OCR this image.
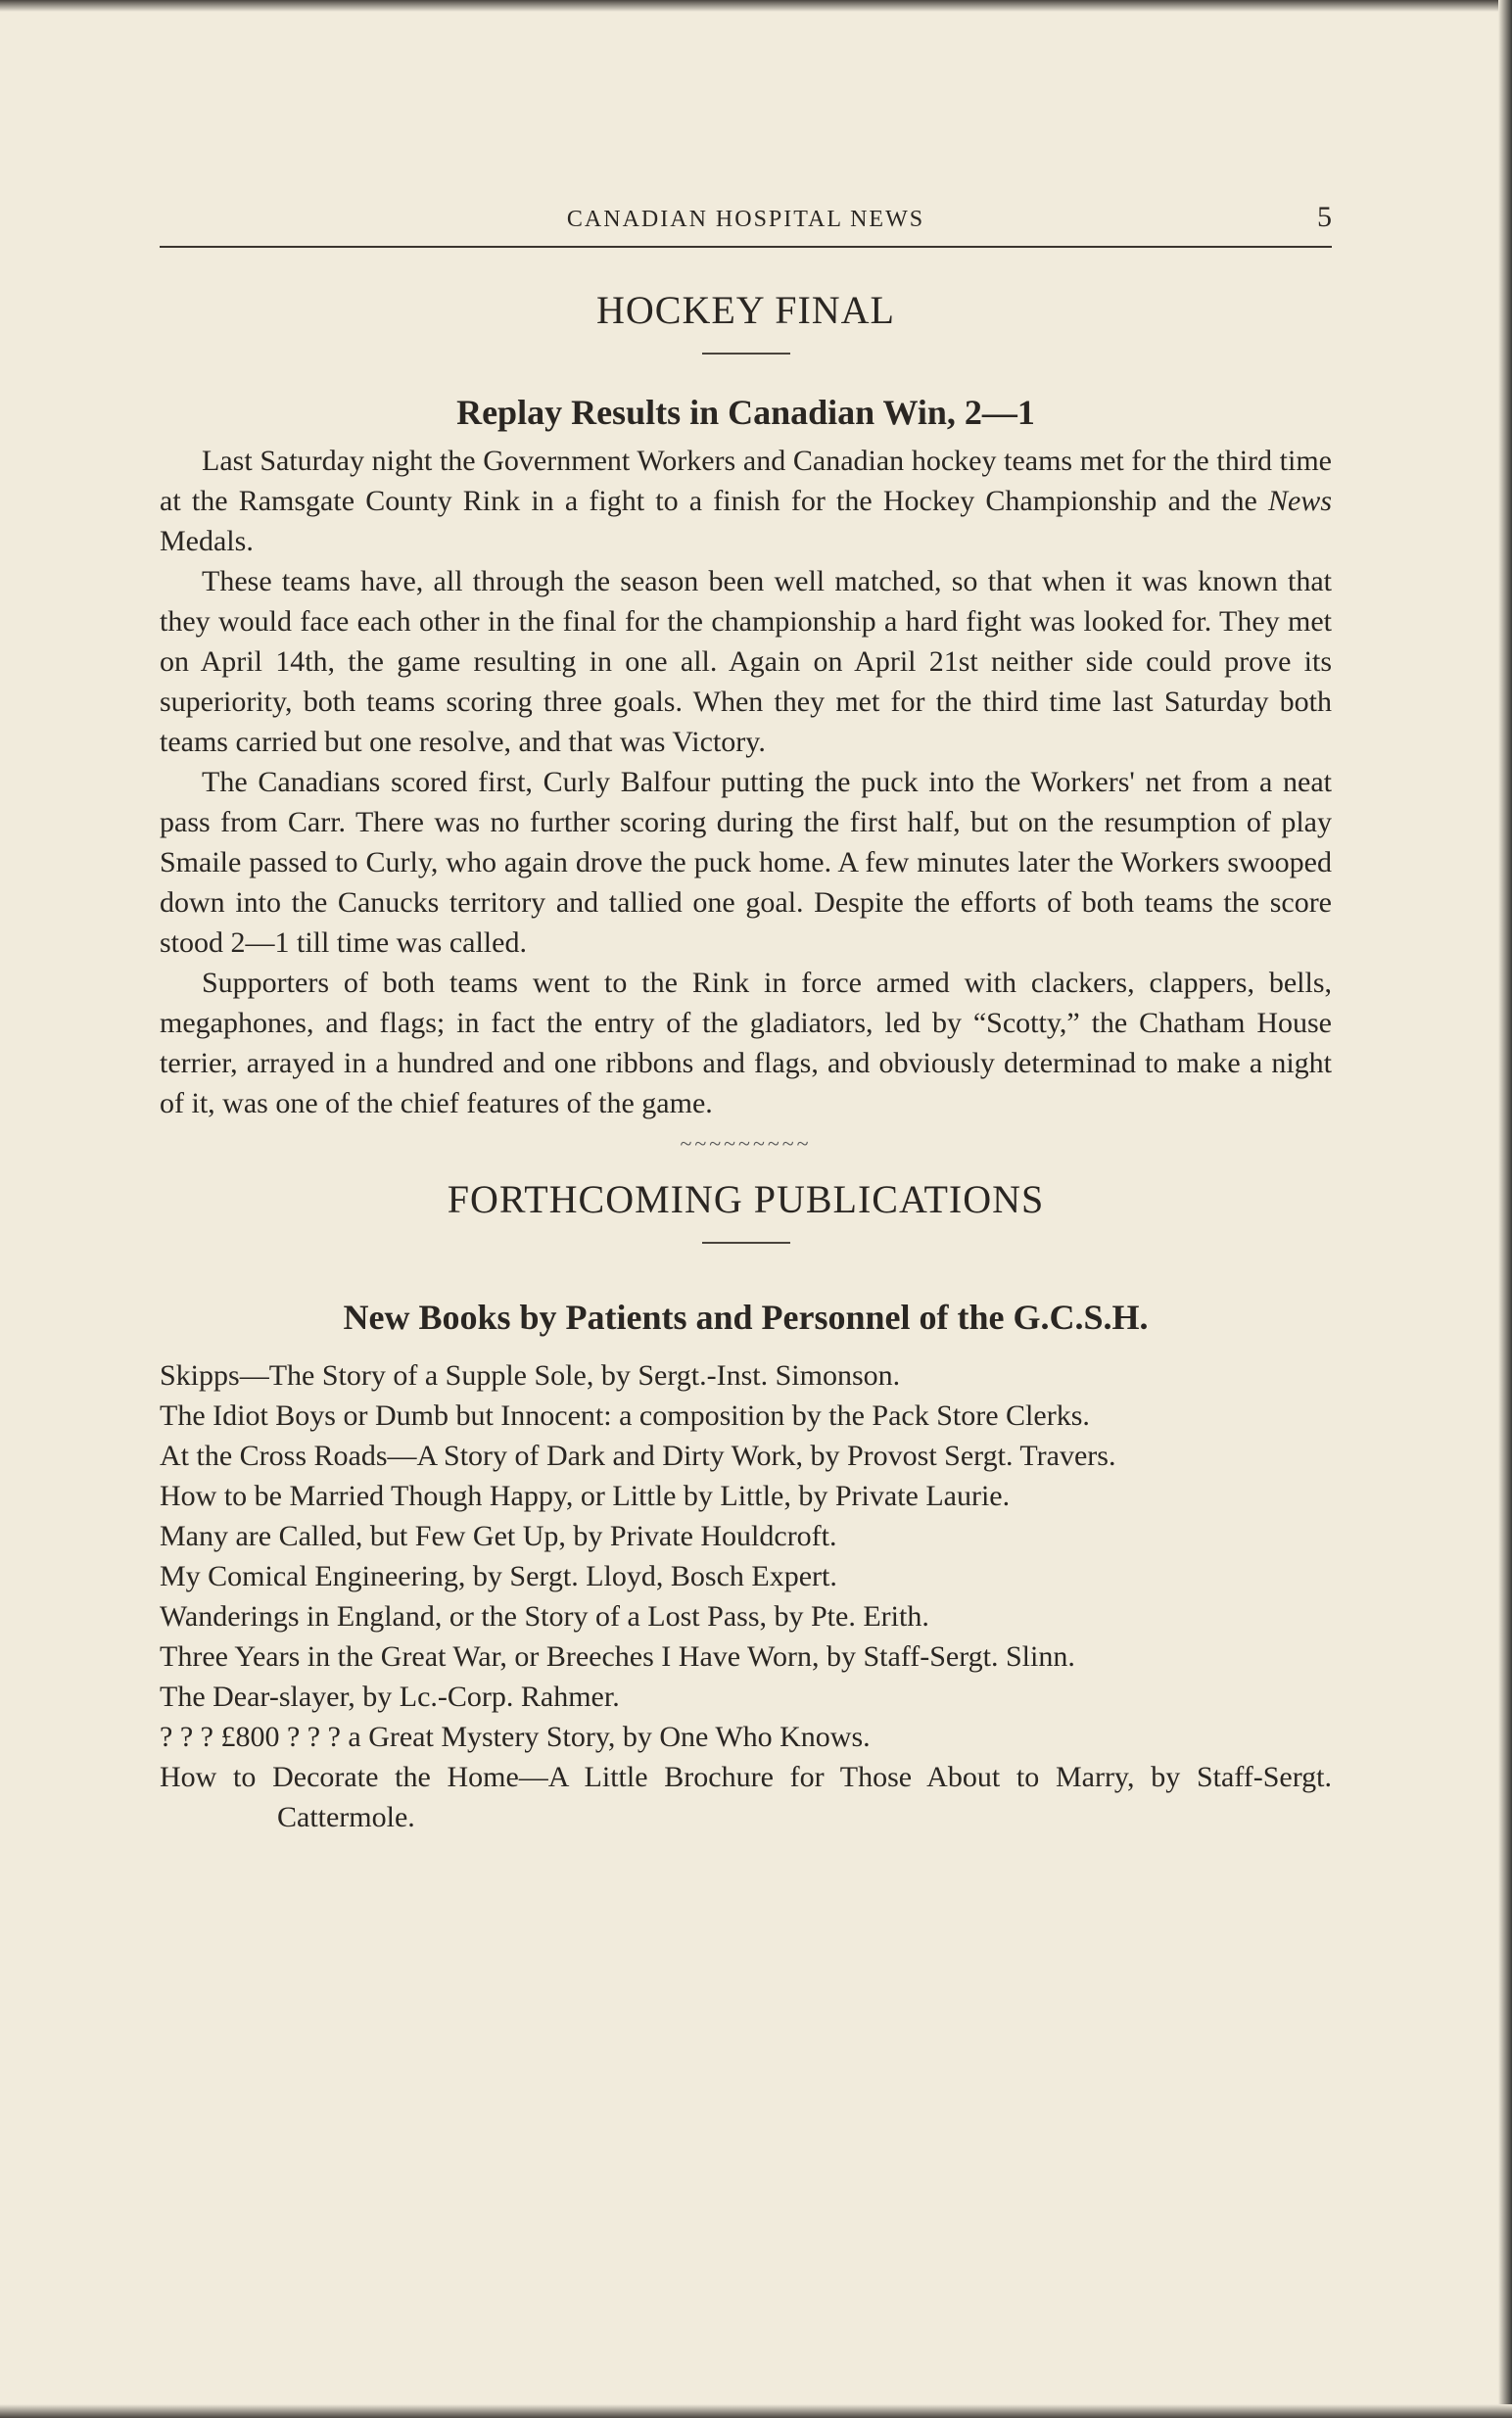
CANADIAN HOSPITAL NEWS	5
HOCKEY FINAL
Replay Results in Canadian Win, 2—1

Last Saturday night the Government Workers and Canadian hockey teams met for the third time at the Ramsgate County Rink in a fight to a finish for the Hockey Championship and the News Medals.

These teams have, all through the season been well matched, so that when it was known that they would face each other in the final for the championship a hard fight was looked for. They met on April 14th, the game resulting in one all. Again on April 21st neither side could prove its superiority, both teams scoring three goals. When they met for the third time last Saturday both teams carried but one resolve, and that was Victory.

The Canadians scored first, Curly Balfour putting the puck into the Workers' net from a neat pass from Carr. There was no further scoring during the first half, but on the resumption of play Smaile passed to Curly, who again drove the puck home. A few minutes later the Workers swooped down into the Canucks territory and tallied one goal. Despite the efforts of both teams the score stood 2—1 till time was called.

Supporters of both teams went to the Rink in force armed with clackers, clappers, bells, megaphones, and flags; in fact the entry of the gladiators, led by “Scotty,” the Chatham House terrier, arrayed in a hundred and one ribbons and flags, and obviously determinad to make a night of it, was one of the chief features of the game.

~~~~~~~~~
FORTHCOMING PUBLICATIONS
New Books by Patients and Personnel of the G.C.S.H.
Skipps—The Story of a Supple Sole, by Sergt.-Inst. Simonson.
The Idiot Boys or Dumb but Innocent: a composition by the Pack Store Clerks.
At the Cross Roads—A Story of Dark and Dirty Work, by Provost Sergt. Travers.
How to be Married Though Happy, or Little by Little, by Private Laurie.
Many are Called, but Few Get Up, by Private Houldcroft.
My Comical Engineering, by Sergt. Lloyd, Bosch Expert.
Wanderings in England, or the Story of a Lost Pass, by Pte. Erith.
Three Years in the Great War, or Breeches I Have Worn, by Staff-Sergt. Slinn.
The Dear-slayer, by Lc.-Corp. Rahmer.
? ? ? £800 ? ? ? a Great Mystery Story, by One Who Knows.
How to Decorate the Home—A Little Brochure for Those About to Marry, by Staff-Sergt. Cattermole.
